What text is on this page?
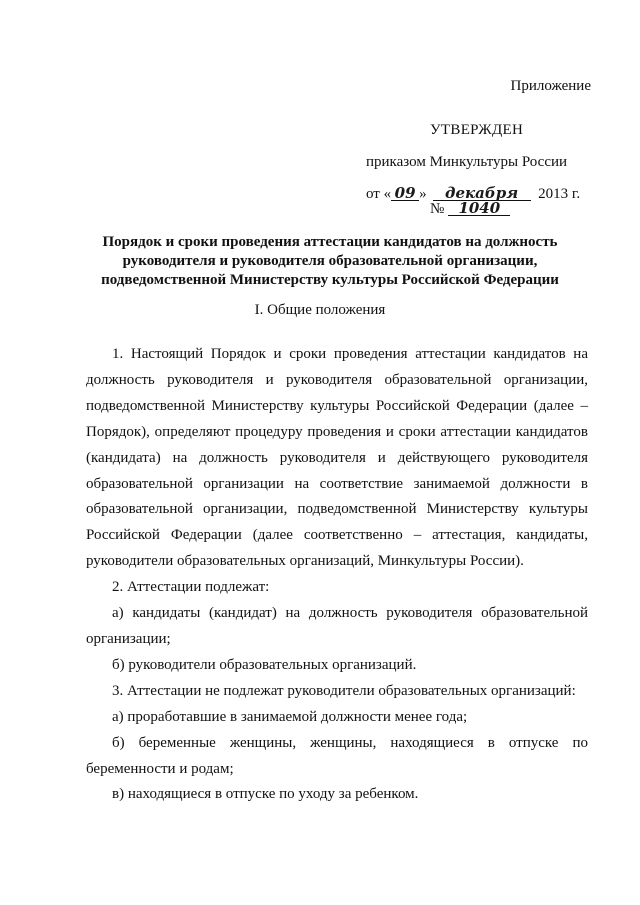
Приложение
УТВЕРЖДЕН
приказом Минкультуры России
от « 09 » декабря 2013 г.
№ 1040
Порядок и сроки проведения аттестации кандидатов на должность
руководителя и руководителя образовательной организации,
подведомственной Министерству культуры Российской Федерации
I. Общие положения

1. Настоящий Порядок и сроки проведения аттестации кандидатов на должность руководителя и руководителя образовательной организации, подведомственной Министерству культуры Российской Федерации (далее – Порядок), определяют процедуру проведения и сроки аттестации кандидатов (кандидата) на должность руководителя и действующего руководителя образовательной организации на соответствие занимаемой должности в образовательной организации, подведомственной Министерству культуры Российской Федерации (далее соответственно – аттестация, кандидаты, руководители образовательных организаций, Минкультуры России).

2. Аттестации подлежат:

а) кандидаты (кандидат) на должность руководителя образовательной организации;

б) руководители образовательных организаций.

3. Аттестации не подлежат руководители образовательных организаций:

а) проработавшие в занимаемой должности менее года;

б) беременные женщины, женщины, находящиеся в отпуске по беременности и родам;

в) находящиеся в отпуске по уходу за ребенком.
